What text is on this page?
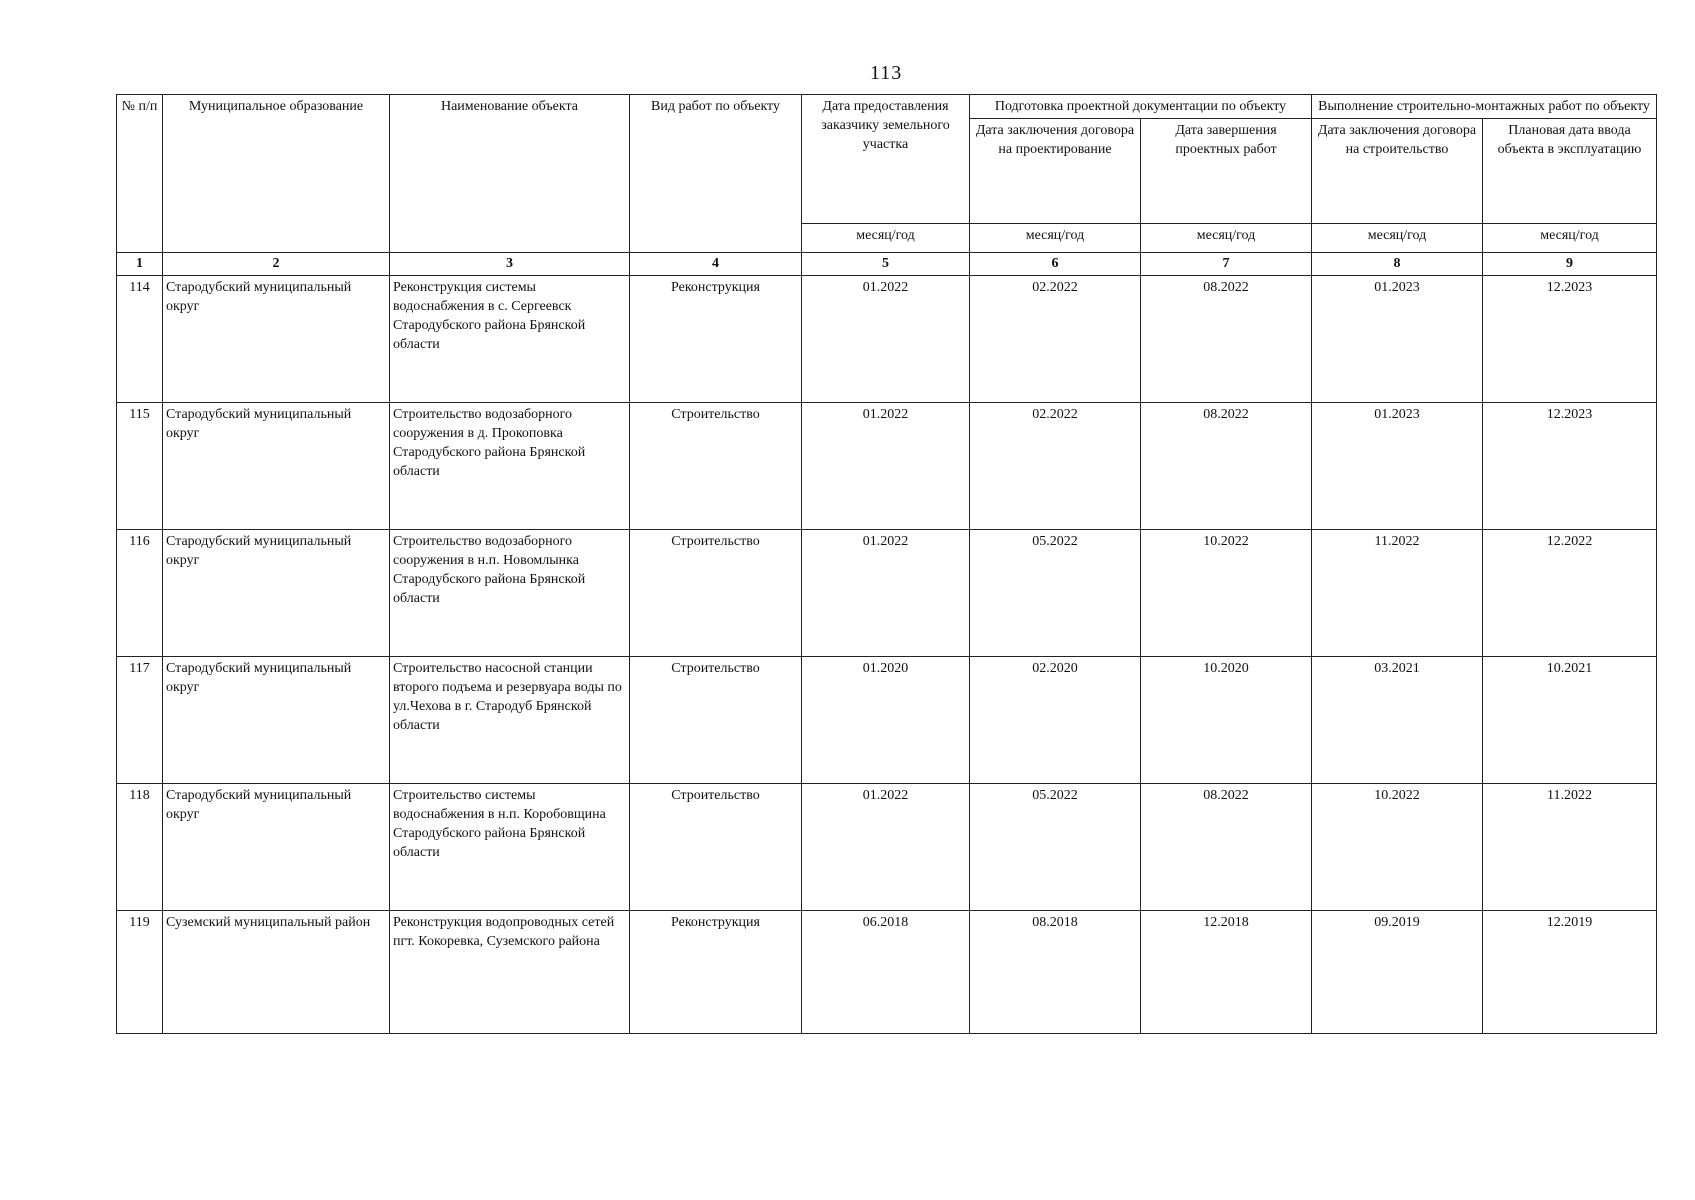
113
№ п/п	Муниципальное образование	Наименование объекта	Вид работ по объекту	Дата предоставления заказчику земельного участка	Подготовка проектной документации по объекту		Выполнение строительно-монтажных работ по объекту	
					Дата заключения договора на проектирование	Дата завершения проектных работ	Дата заключения договора на строительство	Плановая дата ввода объекта в эксплуатацию
				месяц/год	месяц/год	месяц/год	месяц/год	месяц/год
1	2	3	4	5	6	7	8	9
114	Стародубский муниципальный округ	Реконструкция системы водоснабжения в с. Сергеевск Стародубского района Брянской области	Реконструкция	01.2022	02.2022	08.2022	01.2023	12.2023
115	Стародубский муниципальный округ	Строительство водозаборного сооружения в д. Прокоповка Стародубского района Брянской области	Строительство	01.2022	02.2022	08.2022	01.2023	12.2023
116	Стародубский муниципальный округ	Строительство водозаборного сооружения в н.п. Новомлынка Стародубского района Брянской области	Строительство	01.2022	05.2022	10.2022	11.2022	12.2022
117	Стародубский муниципальный округ	Строительство насосной станции второго подъема и резервуара воды по ул.Чехова в г. Стародуб Брянской области	Строительство	01.2020	02.2020	10.2020	03.2021	10.2021
118	Стародубский муниципальный округ	Строительство системы водоснабжения в н.п. Коробовщина Стародубского района Брянской области	Строительство	01.2022	05.2022	08.2022	10.2022	11.2022
119	Суземский муниципальный район	Реконструкция водопроводных сетей пгт. Кокоревка, Суземского района	Реконструкция	06.2018	08.2018	12.2018	09.2019	12.2019
